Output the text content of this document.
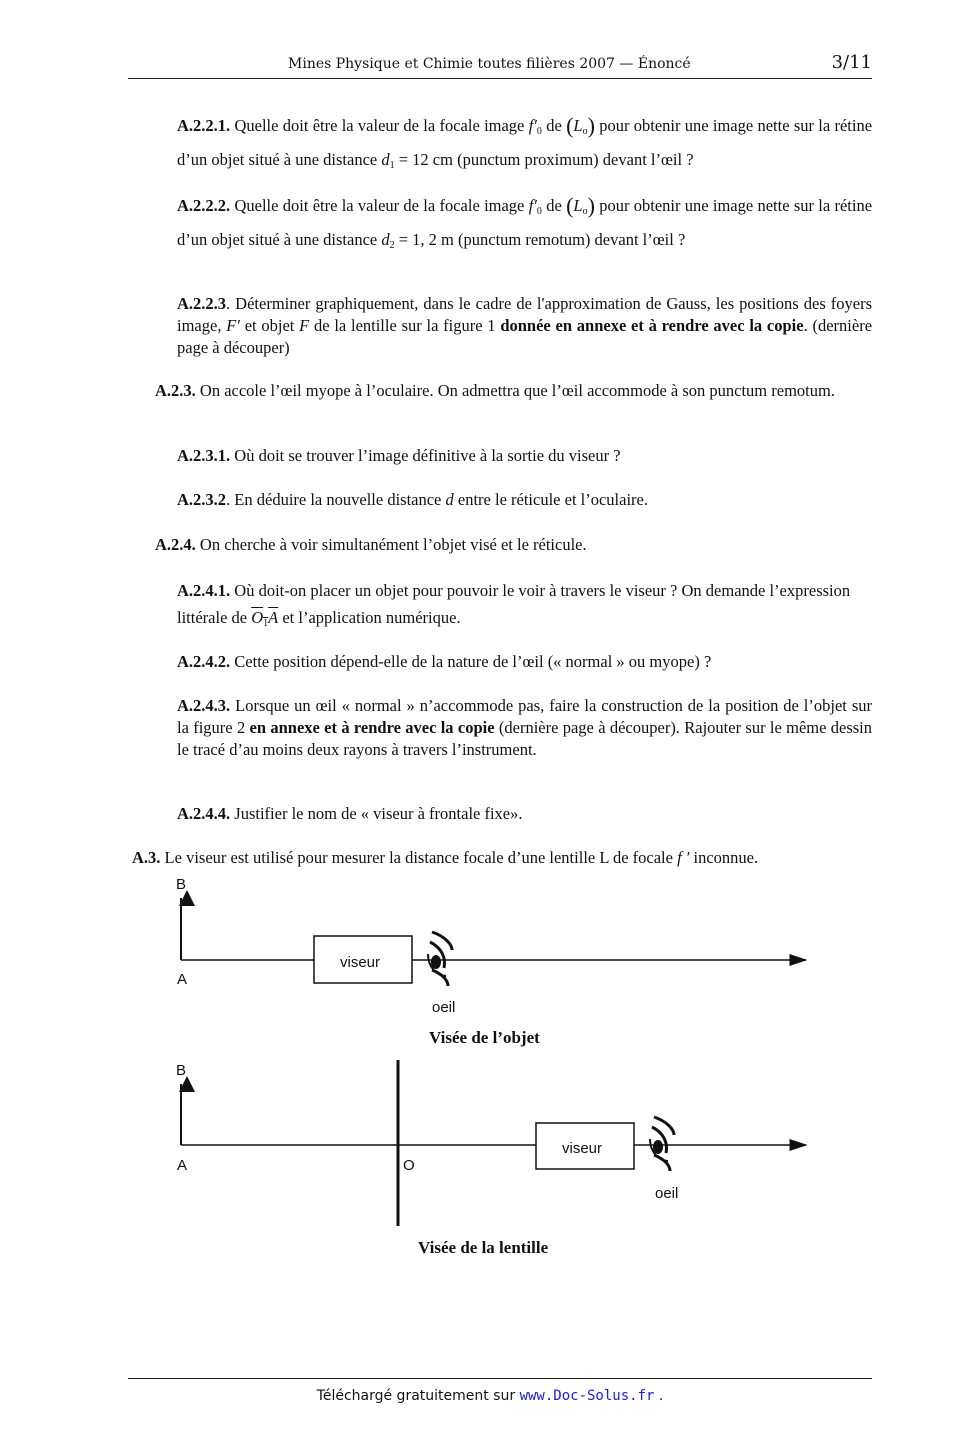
Mines Physique et Chimie toutes filières 2007 — Énoncé	3/11
A.2.2.1. Quelle doit être la valeur de la focale image $f'_0$ de $(L_o)$ pour obtenir une image nette sur la rétine d’un objet situé à une distance $d_1 = 12$ cm (punctum proximum) devant l’œil ?
A.2.2.2. Quelle doit être la valeur de la focale image $f'_0$ de $(L_o)$ pour obtenir une image nette sur la rétine d’un objet situé à une distance $d_2 = 1$, 2 m (punctum remotum) devant l’œil ?
A.2.2.3. Déterminer graphiquement, dans le cadre de l'approximation de Gauss, les positions des foyers image, F′ et objet F de la lentille sur la figure 1 donnée en annexe et à rendre avec la copie. (dernière page à découper)
A.2.3. On accole l’œil myope à l’oculaire. On admettra que l’œil accommode à son punctum remotum.
A.2.3.1. Où doit se trouver l’image définitive à la sortie du viseur ?
A.2.3.2. En déduire la nouvelle distance d entre le réticule et l’oculaire.
A.2.4. On cherche à voir simultanément l’objet visé et le réticule.
A.2.4.1. Où doit-on placer un objet pour pouvoir le voir à travers le viseur ? On demande l’expression littérale de $O_1A$ et l’application numérique.
A.2.4.2. Cette position dépend-elle de la nature de l’œil (« normal » ou myope) ?
A.2.4.3. Lorsque un œil « normal » n’accommode pas, faire la construction de la position de l’objet sur la figure 2 en annexe et à rendre avec la copie (dernière page à découper). Rajouter sur le même dessin le tracé d’au moins deux rayons à travers l’instrument.
A.2.4.4. Justifier le nom de « viseur à frontale fixe».
A.3. Le viseur est utilisé pour mesurer la distance focale d’une lentille L de focale f ′ inconnue.
viseur
B
A
oeil
viseur
B
A	O
oeil
Visée de l’objet
Visée de la lentille
Téléchargé gratuitement sur www.Doc-Solus.fr .
